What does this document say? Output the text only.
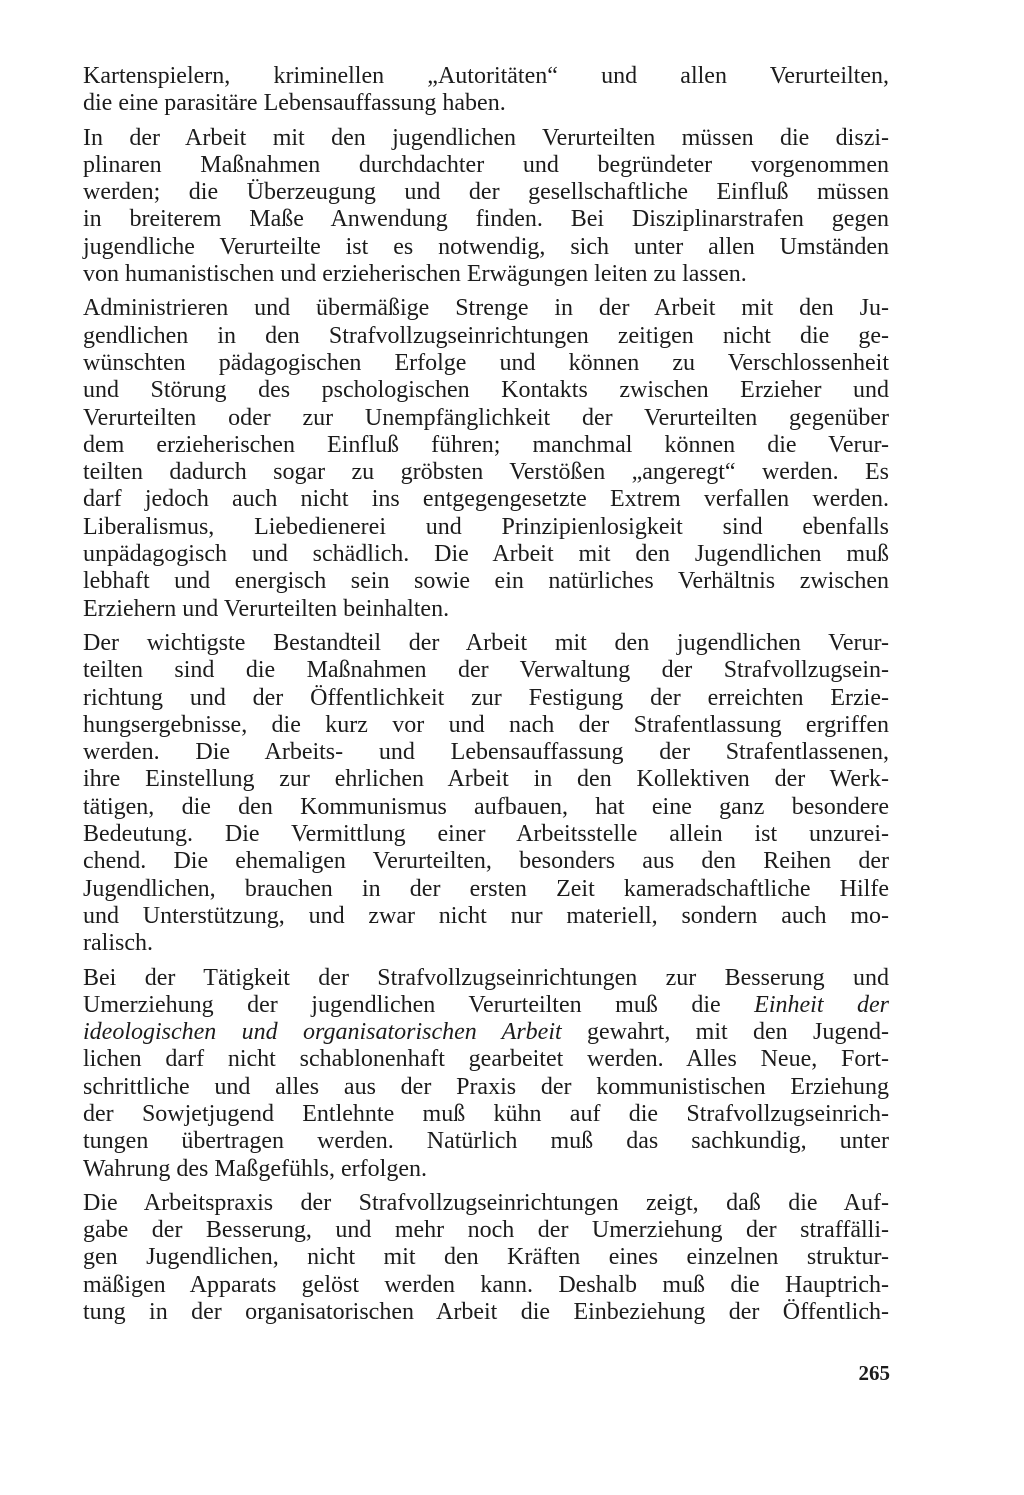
Kartenspielern, kriminellen „Autoritäten“ und allen Verurteilten,
die eine parasitäre Lebensauffassung haben.

In der Arbeit mit den jugendlichen Verurteilten müssen die diszi-
plinaren Maßnahmen durchdachter und begründeter vorgenommen
werden; die Überzeugung und der gesellschaftliche Einfluß müssen
in breiterem Maße Anwendung finden. Bei Disziplinarstrafen gegen
jugendliche Verurteilte ist es notwendig, sich unter allen Umständen
von humanistischen und erzieherischen Erwägungen leiten zu lassen.

Administrieren und übermäßige Strenge in der Arbeit mit den Ju-
gendlichen in den Strafvollzugseinrichtungen zeitigen nicht die ge-
wünschten pädagogischen Erfolge und können zu Verschlossenheit
und Störung des pscholog​ischen Kontakts zwischen Erzieher und
Verurteilten oder zur Unempfänglichkeit der Verurteilten gegenüber
dem erzieherischen Einfluß führen; manchmal können die Verur-
teilten dadurch sogar zu gröbsten Verstößen „angeregt“ werden. Es
darf jedoch auch nicht ins entgegengesetzte Extrem verfallen werden.
Liberalismus, Liebedienerei und Prinzipienlosigkeit sind ebenfalls
unpädagogisch und schädlich. Die Arbeit mit den Jugendlichen muß
lebhaft und energisch sein sowie ein natürliches Verhältnis zwischen
Erziehern und Verurteilten beinhalten.

Der wichtigste Bestandteil der Arbeit mit den jugendlichen Verur-
teilten sind die Maßnahmen der Verwaltung der Strafvollzugsein-
richtung und der Öffentlichkeit zur Festigung der erreichten Erzie-
hungsergebnisse, die kurz vor und nach der Strafentlassung ergriffen
werden. Die Arbeits- und Lebensauffassung der Strafentlassenen,
ihre Einstellung zur ehrlichen Arbeit in den Kollektiven der Werk-
tätigen, die den Kommunismus aufbauen, hat eine ganz besondere
Bedeutung. Die Vermittlung einer Arbeitsstelle allein ist unzurei-
chend. Die ehemaligen Verurteilten, besonders aus den Reihen der
Jugendlichen, brauchen in der ersten Zeit kameradschaftliche Hilfe
und Unterstützung, und zwar nicht nur materiell, sondern auch mo-
ralisch.

Bei der Tätigkeit der Strafvollzugseinrichtungen zur Besserung und
Umerziehung der jugendlichen Verurteilten muß die Einheit der
ideologischen und organisatorischen Arbeit gewahrt, mit den Jugend-
lichen darf nicht schablonenhaft gearbeitet werden. Alles Neue, Fort-
schrittliche und alles aus der Praxis der kommunistischen Erziehung
der Sowjetjugend Entlehnte muß kühn auf die Strafvollzugseinrich-
tungen übertragen werden. Natürlich muß das sachkundig, unter
Wahrung des Maßgefühls, erfolgen.

Die Arbeitspraxis der Strafvollzugseinrichtungen zeigt, daß die Auf-
gabe der Besserung, und mehr noch der Umerziehung der straffälli-
gen Jugendlichen, nicht mit den Kräften eines einzelnen struktur-
mäßigen Apparats gelöst werden kann. Deshalb muß die Hauptrich-
tung in der organisatorischen Arbeit die Einbeziehung der Öffentlich-

265
